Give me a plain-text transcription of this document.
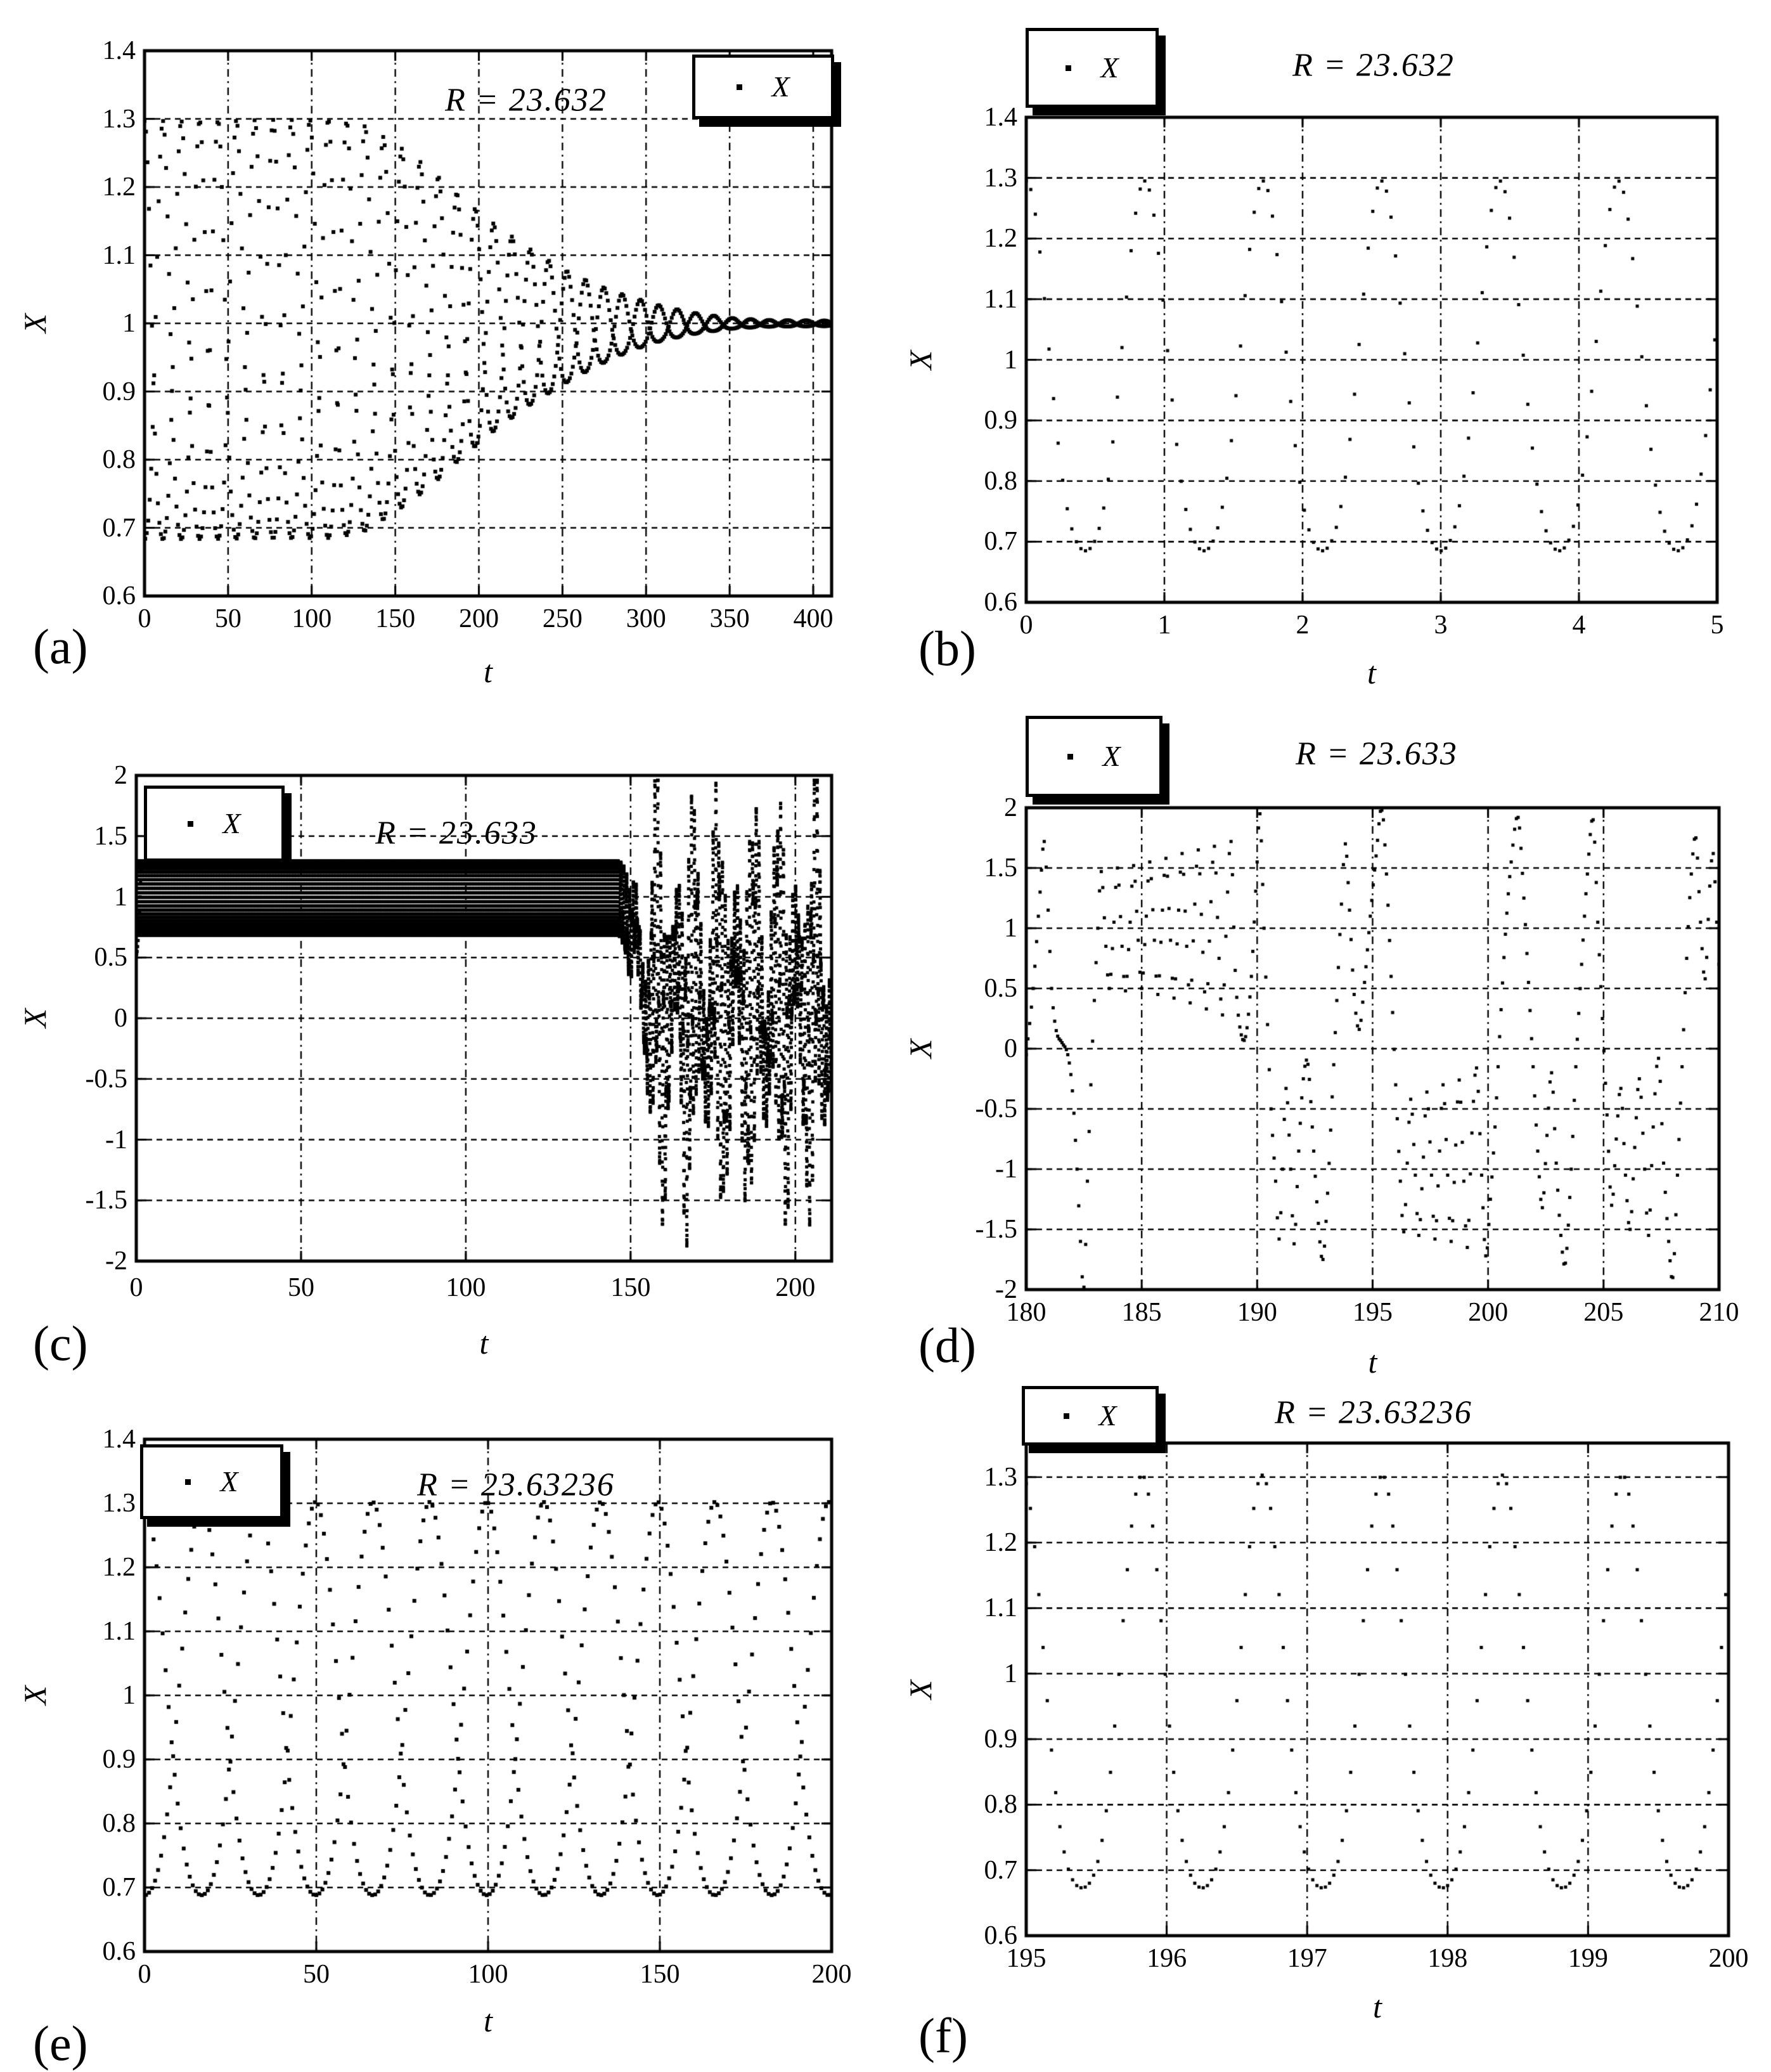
R = 23.632	X
X
t
(a)	0	50	100	150	200	250	300	350	400
0.6
0.7
0.8
0.9
1
1.1
1.2
1.3
1.4	R = 23.632
X
X
t
(b)	0	1	2	3	4	5
0.6
0.7
0.8
0.9
1
1.1
1.2
1.3
1.4
R = 23.633
X
X
t
(c)
0	50	100	150	200
-2
-1.5
-1
-0.5
0
0.5
1
1.5
2
R = 23.633
X
X
t
(d)
180	185	190	195	200	205	210
-2
-1.5
-1
-0.5
0
0.5
1
1.5
2
R = 23.63236
X
X
t
(e)
0	50	100	150	200
0.6
0.7
0.8
0.9
1
1.1
1.2
1.3
1.4
R = 23.63236
X
X
t
(f)
195	196	197	198	199	200
0.6
0.7
0.8
0.9
1
1.1
1.2
1.3
